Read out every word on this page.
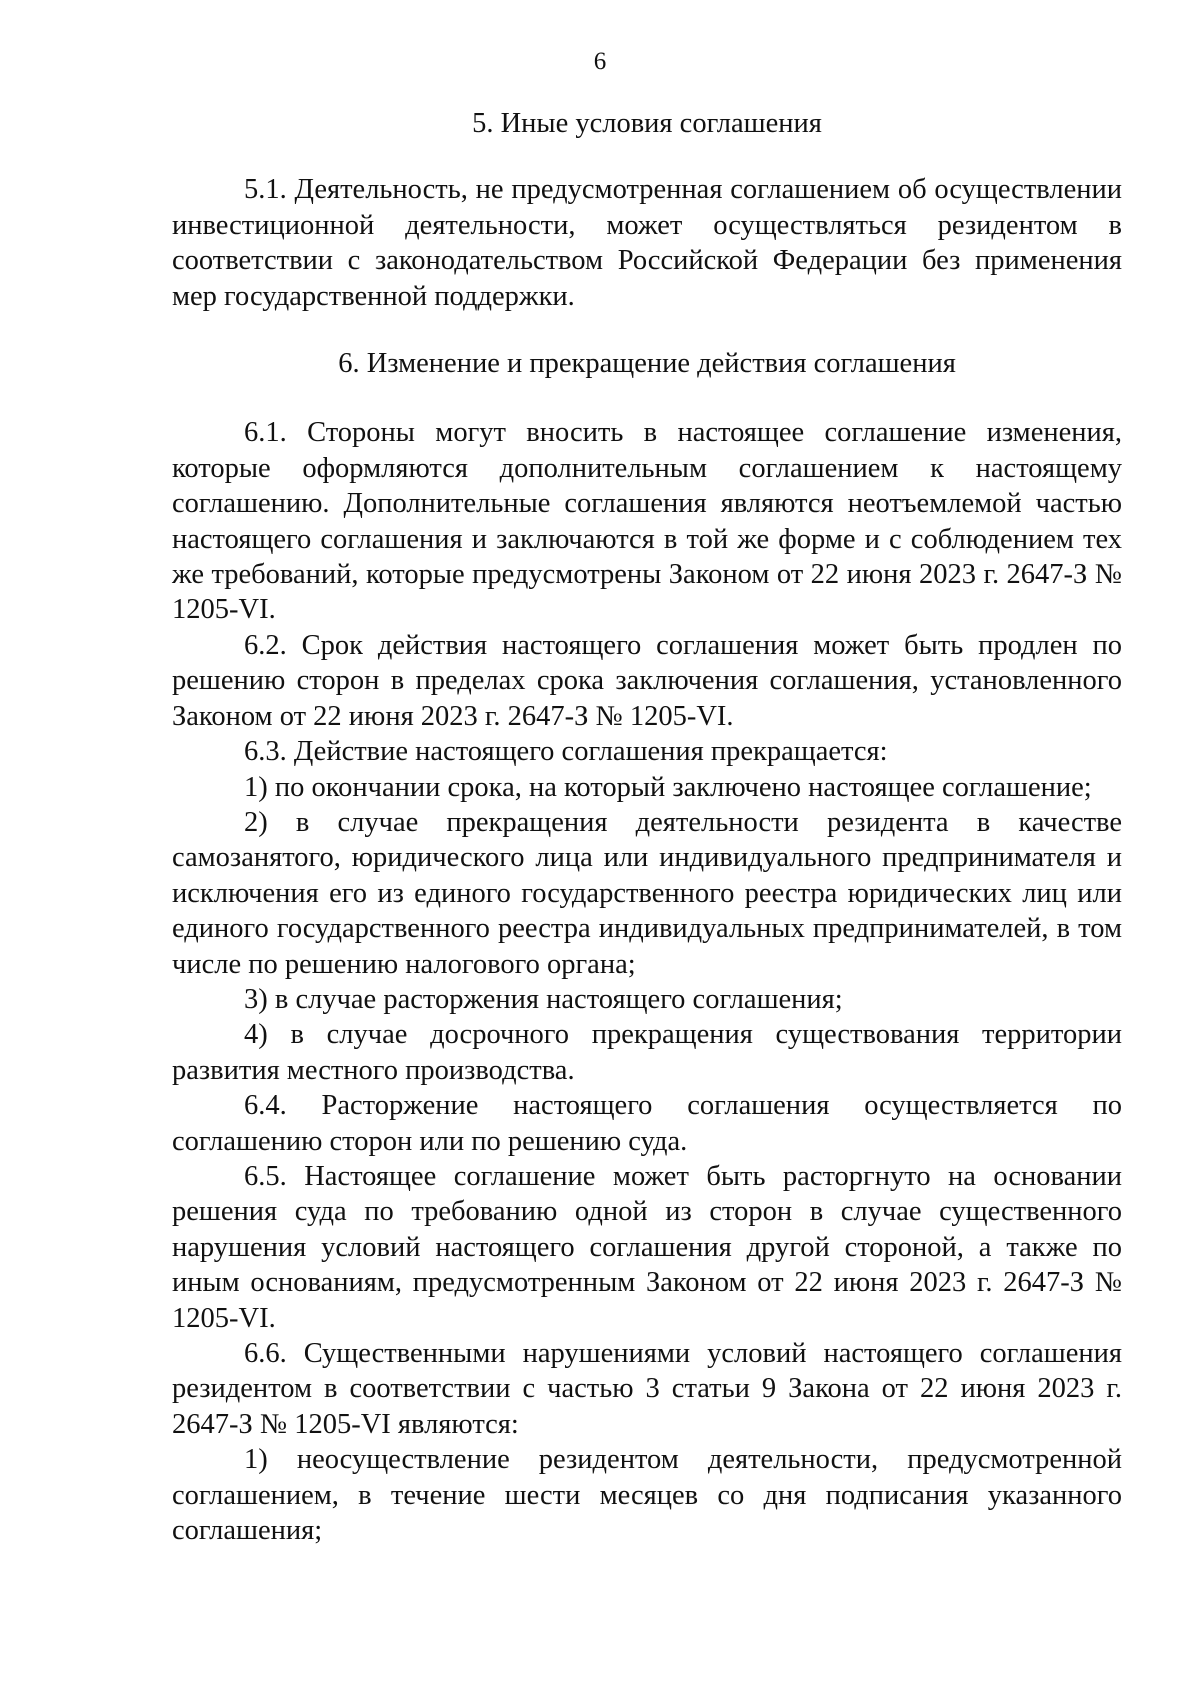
6

5. Иные условия соглашения

5.1. Деятельность, не предусмотренная соглашением об осуществлении инвестиционной деятельности, может осуществляться резидентом в соответствии с законодательством Российской Федерации без применения мер государственной поддержки.

6. Изменение и прекращение действия соглашения

6.1. Стороны могут вносить в настоящее соглашение изменения, которые оформляются дополнительным соглашением к настоящему соглашению. Дополнительные соглашения являются неотъемлемой частью настоящего соглашения и заключаются в той же форме и с соблюдением тех же требований, которые предусмотрены Законом от 22 июня 2023 г. 2647-З № 1205-VI.

6.2. Срок действия настоящего соглашения может быть продлен по решению сторон в пределах срока заключения соглашения, установленного Законом от 22 июня 2023 г. 2647-З № 1205-VI.

6.3. Действие настоящего соглашения прекращается:

1) по окончании срока, на который заключено настоящее соглашение;

2) в случае прекращения деятельности резидента в качестве самозанятого, юридического лица или индивидуального предпринимателя и исключения его из единого государственного реестра юридических лиц или единого государственного реестра индивидуальных предпринимателей, в том числе по решению налогового органа;

3) в случае расторжения настоящего соглашения;

4) в случае досрочного прекращения существования территории развития местного производства.

6.4. Расторжение настоящего соглашения осуществляется по соглашению сторон или по решению суда.

6.5. Настоящее соглашение может быть расторгнуто на основании решения суда по требованию одной из сторон в случае существенного нарушения условий настоящего соглашения другой стороной, а также по иным основаниям, предусмотренным Законом от 22 июня 2023 г. 2647-З № 1205-VI.

6.6. Существенными нарушениями условий настоящего соглашения резидентом в соответствии с частью 3 статьи 9 Закона от 22 июня 2023 г. 2647-З № 1205-VI являются:

1) неосуществление резидентом деятельности, предусмотренной соглашением, в течение шести месяцев со дня подписания указанного соглашения;
